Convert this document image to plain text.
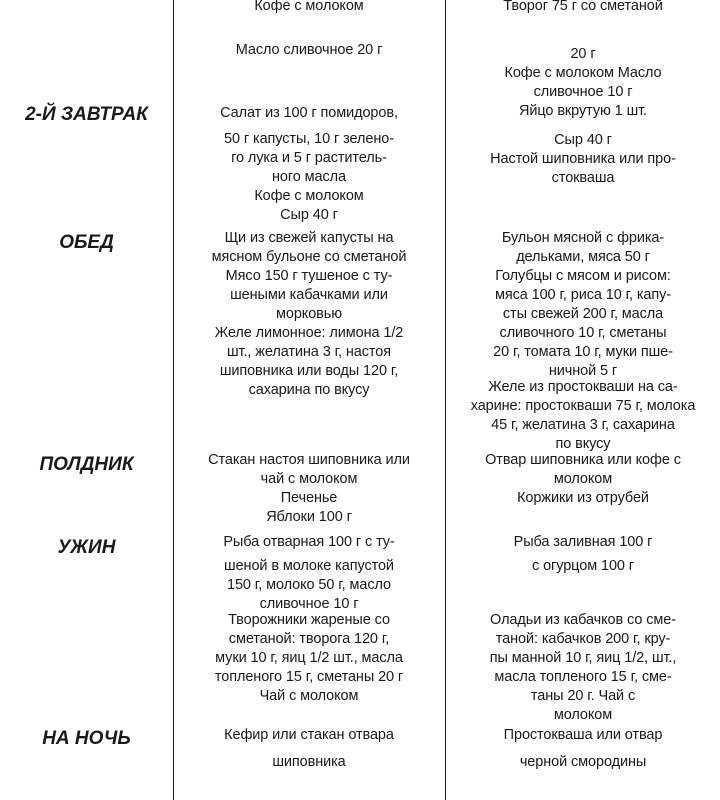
2-Й ЗАВТРАК
ОБЕД
ПОЛДНИК
УЖИН
НА НОЧЬ
Кофе с молоком
Масло сливочное 20 г
Салат из 100 г помидоров,
50 г капусты, 10 г зелено-
го лука и 5 г раститель-
ного масла
Кофе с молоком
Сыр 40 г
Щи из свежей капусты на
мясном бульоне со сметаной
Мясо 150 г тушеное с ту-
шеными кабачками или
морковью
Желе лимонное: лимона 1/2
шт., желатина 3 г, настоя
шиповника или воды 120 г,
сахарина по вкусу
Стакан настоя шиповника или
чай с молоком
Печенье
Яблоки 100 г
Рыба отварная 100 г с ту-
шеной в молоке капустой
150 г, молоко 50 г, масло
сливочное 10 г
Творожники жареные со
сметаной: творога 120 г,
муки 10 г, яиц 1/2 шт., масла
топленого 15 г, сметаны 20 г
Чай с молоком
Кефир или стакан отвара
шиповника
Творог 75 г со сметаной
20 г
Кофе с молоком Масло
сливочное 10 г
Яйцо вкрутую 1 шт.
Сыр 40 г
Настой шиповника или про-
стокваша
Бульон мясной с фрика-
дельками, мяса 50 г
Голубцы с мясом и рисом:
мяса 100 г, риса 10 г, капу-
сты свежей 200 г, масла
сливочного 10 г, сметаны
20 г, томата 10 г, муки пше-
ничной 5 г
Желе из простокваши на са-
харине: простокваши 75 г, молока
45 г, желатина 3 г, сахарина
по вкусу
Отвар шиповника или кофе с
молоком
Коржики из отрубей
Рыба заливная 100 г
с огурцом 100 г
Оладьи из кабачков со сме-
таной: кабачков 200 г, кру-
пы манной 10 г, яиц 1/2, шт.,
масла топленого 15 г, сме-
таны 20 г. Чай с
молоком
Простокваша или отвар
черной смородины
